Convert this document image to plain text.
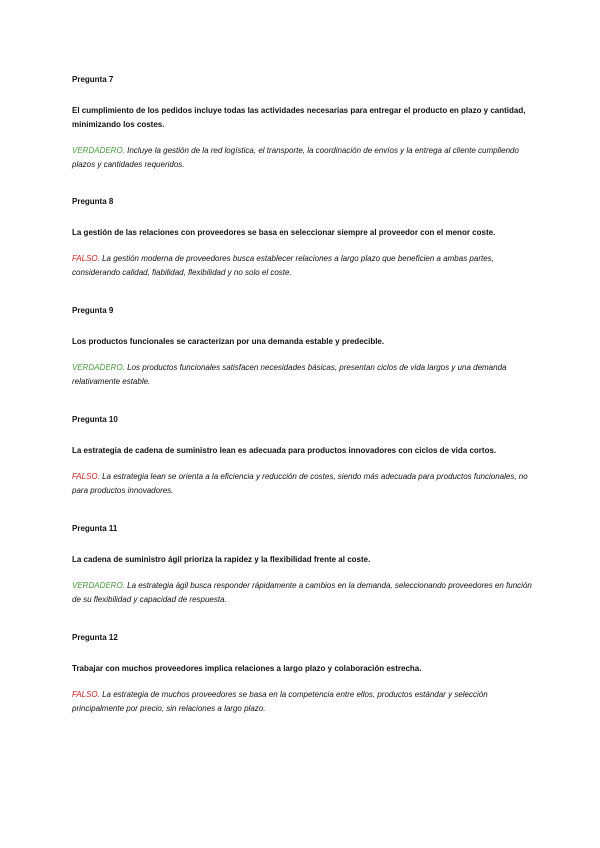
Pregunta 7

El cumplimiento de los pedidos incluye todas las actividades necesarias para entregar el producto en plazo y cantidad, minimizando los costes.

VERDADERO. Incluye la gestión de la red logística, el transporte, la coordinación de envíos y la entrega al cliente cumpliendo plazos y cantidades requeridos.

Pregunta 8

La gestión de las relaciones con proveedores se basa en seleccionar siempre al proveedor con el menor coste.

FALSO. La gestión moderna de proveedores busca establecer relaciones a largo plazo que beneficien a ambas partes, considerando calidad, fiabilidad, flexibilidad y no solo el coste.

Pregunta 9

Los productos funcionales se caracterizan por una demanda estable y predecible.

VERDADERO. Los productos funcionales satisfacen necesidades básicas, presentan ciclos de vida largos y una demanda relativamente estable.

Pregunta 10

La estrategia de cadena de suministro lean es adecuada para productos innovadores con ciclos de vida cortos.

FALSO. La estrategia lean se orienta a la eficiencia y reducción de costes, siendo más adecuada para productos funcionales, no para productos innovadores.

Pregunta 11

La cadena de suministro ágil prioriza la rapidez y la flexibilidad frente al coste.

VERDADERO. La estrategia ágil busca responder rápidamente a cambios en la demanda, seleccionando proveedores en función de su flexibilidad y capacidad de respuesta.

Pregunta 12

Trabajar con muchos proveedores implica relaciones a largo plazo y colaboración estrecha.

FALSO. La estrategia de muchos proveedores se basa en la competencia entre ellos, productos estándar y selección principalmente por precio, sin relaciones a largo plazo.
